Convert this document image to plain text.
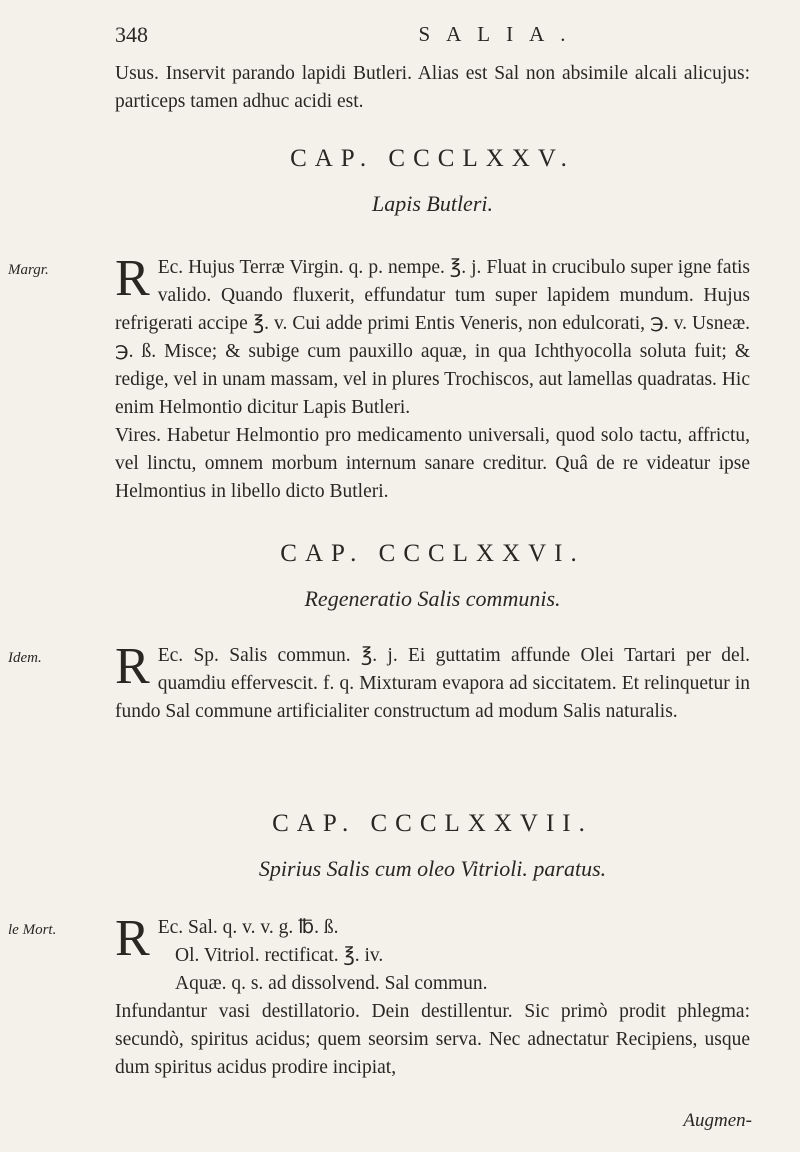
348	SALIA.

Usus. Inservit parando lapidi Butleri. Alias est Sal non absimile alcali alicujus: particeps tamen adhuc acidi est.

CAP. CCCLXXV.
Lapis Butleri.
Margr. R Ec. Hujus Terræ Virgin. q. p. nempe. ℥. j. Fluat in crucibulo super igne fatis valido. Quando fluxerit, effundatur tum super lapidem mundum. Hujus refrigerati accipe ℥. v. Cui adde primi Entis Veneris, non edulcorati, ℈. v. Usneæ. ℈. ß. Misce; & subige cum pauxillo aquæ, in qua Ichthyocolla soluta fuit; & redige, vel in unam massam, vel in plures Trochiscos, aut lamellas quadratas. Hic enim Helmontio dicitur Lapis Butleri.

Vires. Habetur Helmontio pro medicamento universali, quod solo tactu, affrictu, vel linctu, omnem morbum internum sanare creditur. Quâ de re videatur ipse Helmontius in libello dicto Butleri.

CAP. CCCLXXVI.
Regeneratio Salis communis.
Idem. R Ec. Sp. Salis commun. ℥. j. Ei guttatim affunde Olei Tartari per del. quamdiu effervescit. f. q. Mixturam evapora ad siccitatem. Et relinquetur in fundo Sal commune artificialiter constructum ad modum Salis naturalis.

CAP. CCCLXXVII.
Spirius Salis cum oleo Vitrioli. paratus.
le Mort. R Ec. Sal. q. v. v. g. ℔. ß.

Ol. Vitriol. rectificat. ℥. iv.

Aquæ. q. s. ad dissolvend. Sal commun.

Infundantur vasi destillatorio. Dein destillentur. Sic primò prodit phlegma: secundò, spiritus acidus; quem seorsim serva. Nec adnectatur Recipiens, usque dum spiritus acidus prodire incipiat,

Augmen-
